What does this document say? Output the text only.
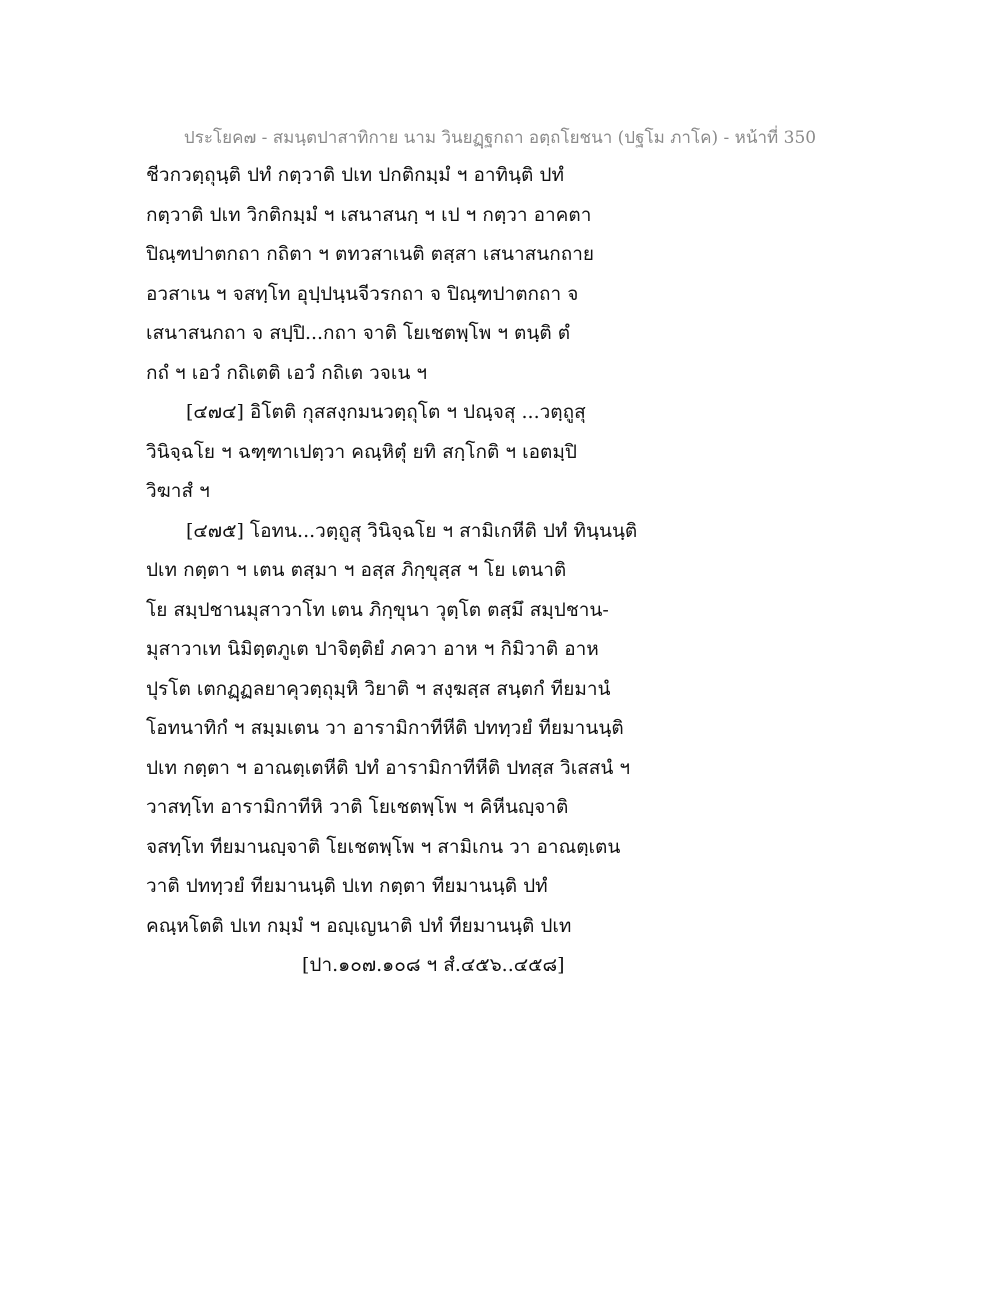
ประโยค๗ - สมนฺตปาสาทิกาย นาม วินยฏฺฐกถา อตฺถโยชนา (ปฐโม ภาโค) - หน้าที่ 350
ชีวกวตฺถุนฺติ ปทํ กตฺวาติ ปเท ปกติกมฺมํ ฯ อาทินฺติ ปทํ
กตฺวาติ ปเท วิกติกมฺมํ ฯ เสนาสนกฺ ฯ เป ฯ กตฺวา อาคตา
ปิณฺฑปาตกถา กถิตา ฯ ตทวสาเนติ ตสฺสา เสนาสนกถาย
อวสาเน ฯ จสทฺโท อุปฺปนฺนจีวรกถา จ ปิณฺฑปาตกถา จ
เสนาสนกถา จ สปฺปิ...กถา จาติ โยเชตพฺโพ ฯ ตนฺติ ตํ
กถํ ฯ เอวํ กถิเตติ เอวํ กถิเต วจเน ฯ
[๔๗๔] อิโตติ กุสสงฺกมนวตฺถุโต ฯ ปณฺจสุ ...วตฺถูสุ
วินิจฺฉโย ฯ ฉฑฺฑาเปตฺวา คณฺหิตุํ ยทิ สกฺโกติ ฯ เอตมฺปิ
วิฆาสํ ฯ
[๔๗๕] โอทน...วตฺถูสุ วินิจฺฉโย ฯ สามิเกหีติ ปทํ ทินฺนนฺติ
ปเท กตฺตา ฯ เตน ตสฺมา ฯ อสฺส ภิกฺขุสฺส ฯ โย เตนาติ
โย สมฺปชานมุสาวาโท เตน ภิกฺขุนา วุตฺโต ตสฺมึ สมฺปชาน-
มุสาวาเท นิมิตฺตภูเต ปาจิตฺติยํ ภควา อาห ฯ กิมิวาติ อาห
ปุรโต เตกฏฺฏลยาคุวตฺถุมฺหิ วิยาติ ฯ สงฺฆสฺส สนฺตกํ ทียมานํ
โอทนาทิกํ ฯ สมฺมเตน วา อารามิกาทีหีติ ปททฺวยํ ทียมานนฺติ
ปเท กตฺตา ฯ อาณตฺเตหีติ ปทํ อารามิกาทีหีติ ปทสฺส วิเสสนํ ฯ
วาสทฺโท อารามิกาทีหิ วาติ โยเชตพฺโพ ฯ คิหีนญฺจาติ
จสทฺโท ทียมานญฺจาติ โยเชตพฺโพ ฯ สามิเกน วา อาณตฺเตน
วาติ ปททฺวยํ ทียมานนฺติ ปเท กตฺตา ทียมานนฺติ ปทํ
คณฺหโตติ ปเท กมฺมํ ฯ อญฺเญนาติ ปทํ ทียมานนฺติ ปเท
[ปา.๑๐๗.๑๐๘ ฯ สํ.๔๕๖..๔๕๘]
